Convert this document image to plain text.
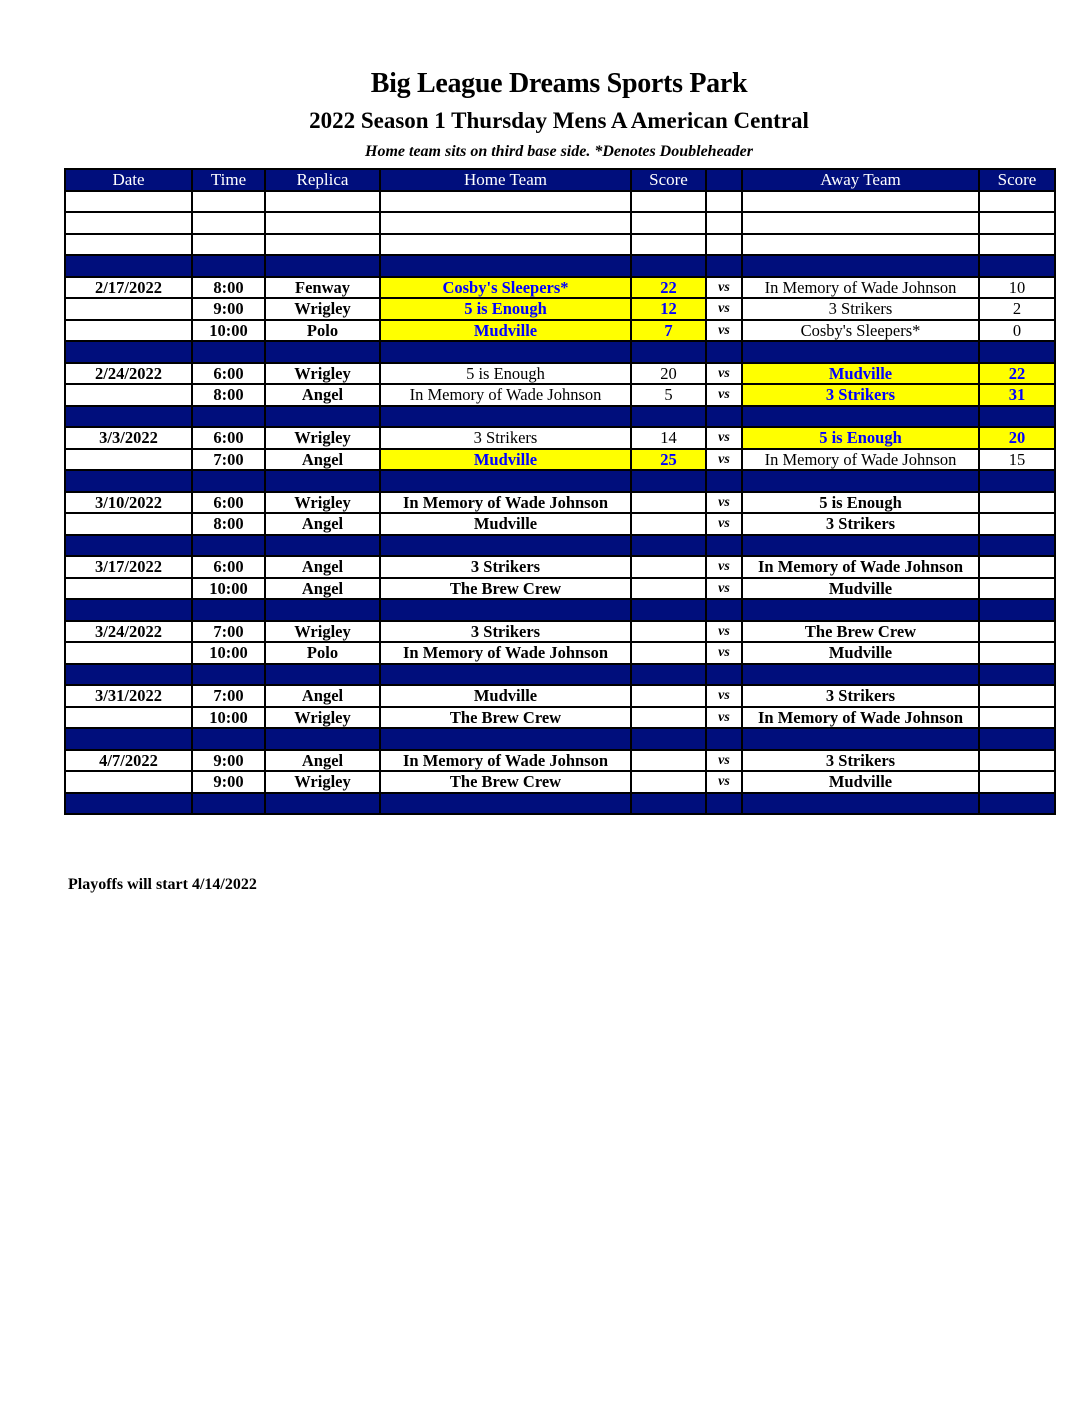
Big League Dreams Sports Park
2022 Season 1 Thursday Mens A American Central
Home team sits on third base side. *Denotes Doubleheader
Date	Time	Replica	Home Team	Score		Away Team	Score

2/17/2022	8:00	Fenway	Cosby's Sleepers*	22	vs	In Memory of Wade Johnson	10
	9:00	Wrigley	5 is Enough	12	vs	3 Strikers	2
	10:00	Polo	Mudville	7	vs	Cosby's Sleepers*	0

2/24/2022	6:00	Wrigley	5 is Enough	20	vs	Mudville	22
	8:00	Angel	In Memory of Wade Johnson	5	vs	3 Strikers	31

3/3/2022	6:00	Wrigley	3 Strikers	14	vs	5 is Enough	20
	7:00	Angel	Mudville	25	vs	In Memory of Wade Johnson	15

3/10/2022	6:00	Wrigley	In Memory of Wade Johnson		vs	5 is Enough	
	8:00	Angel	Mudville		vs	3 Strikers	

3/17/2022	6:00	Angel	3 Strikers		vs	In Memory of Wade Johnson	
	10:00	Angel	The Brew Crew		vs	Mudville	

3/24/2022	7:00	Wrigley	3 Strikers		vs	The Brew Crew	
	10:00	Polo	In Memory of Wade Johnson		vs	Mudville	

3/31/2022	7:00	Angel	Mudville		vs	3 Strikers	
	10:00	Wrigley	The Brew Crew		vs	In Memory of Wade Johnson	

4/7/2022	9:00	Angel	In Memory of Wade Johnson		vs	3 Strikers	
	9:00	Wrigley	The Brew Crew		vs	Mudville	

Playoffs will start 4/14/2022
